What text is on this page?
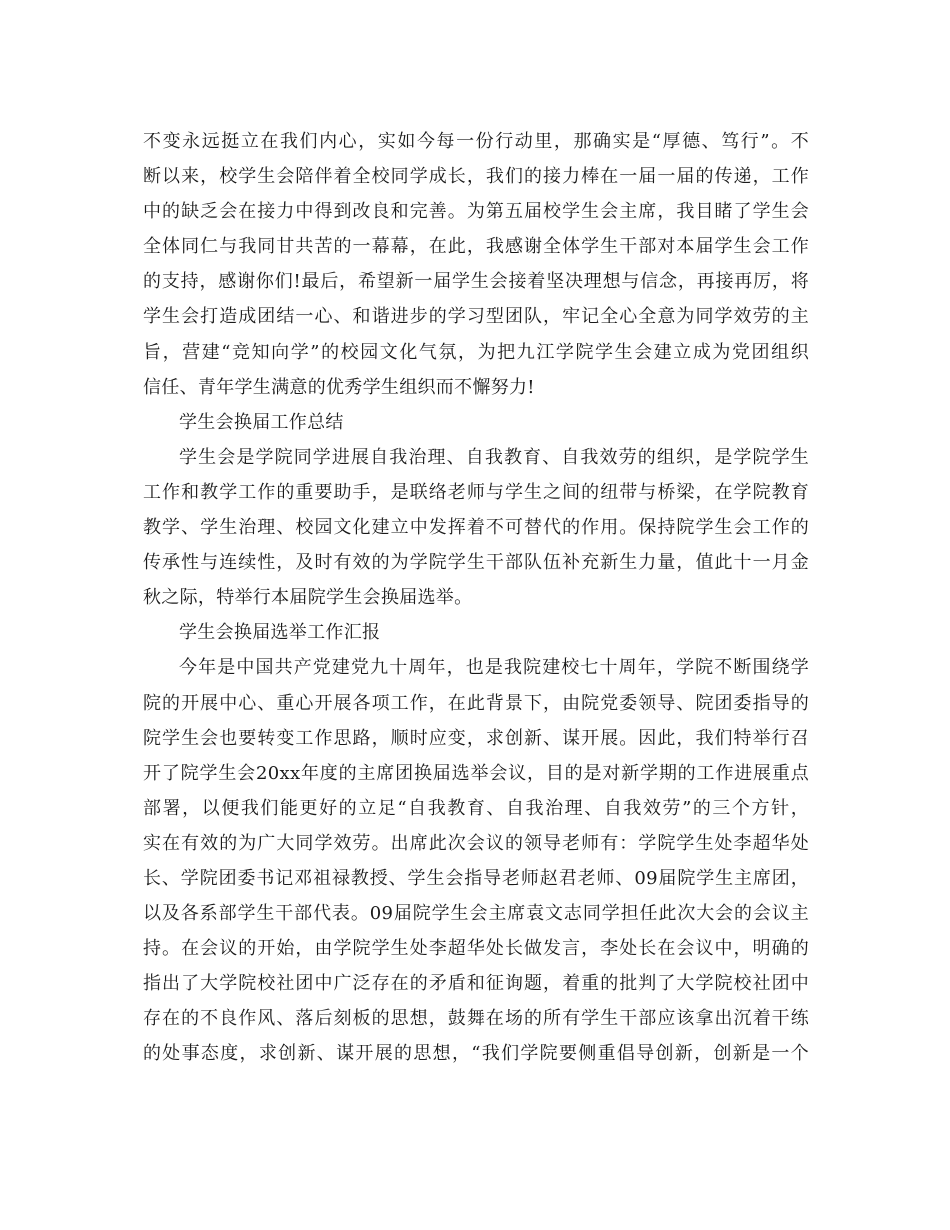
不变永远挺立在我们内心，实如今每一份行动里，那确实是“厚德、笃行”。不
断以来，校学生会陪伴着全校同学成长，我们的接力棒在一届一届的传递，工作
中的缺乏会在接力中得到改良和完善。为第五届校学生会主席，我目睹了学生会
全体同仁与我同甘共苦的一幕幕，在此，我感谢全体学生干部对本届学生会工作
的支持，感谢你们!最后，希望新一届学生会接着坚决理想与信念，再接再厉，将
学生会打造成团结一心、和谐进步的学习型团队，牢记全心全意为同学效劳的主
旨，营建“竞知向学”的校园文化气氛，为把九江学院学生会建立成为党团组织
信任、青年学生满意的优秀学生组织而不懈努力!
学生会换届工作总结
学生会是学院同学进展自我治理、自我教育、自我效劳的组织，是学院学生
工作和教学工作的重要助手，是联络老师与学生之间的纽带与桥梁，在学院教育
教学、学生治理、校园文化建立中发挥着不可替代的作用。保持院学生会工作的
传承性与连续性，及时有效的为学院学生干部队伍补充新生力量，值此十一月金
秋之际，特举行本届院学生会换届选举。
学生会换届选举工作汇报
今年是中国共产党建党九十周年，也是我院建校七十周年，学院不断围绕学
院的开展中心、重心开展各项工作，在此背景下，由院党委领导、院团委指导的
院学生会也要转变工作思路，顺时应变，求创新、谋开展。因此，我们特举行召
开了院学生会20xx年度的主席团换届选举会议，目的是对新学期的工作进展重点
部署，以便我们能更好的立足“自我教育、自我治理、自我效劳”的三个方针，
实在有效的为广大同学效劳。出席此次会议的领导老师有：学院学生处李超华处
长、学院团委书记邓祖禄教授、学生会指导老师赵君老师、09届院学生主席团，
以及各系部学生干部代表。09届院学生会主席袁文志同学担任此次大会的会议主
持。在会议的开始，由学院学生处李超华处长做发言，李处长在会议中，明确的
指出了大学院校社团中广泛存在的矛盾和征询题，着重的批判了大学院校社团中
存在的不良作风、落后刻板的思想，鼓舞在场的所有学生干部应该拿出沉着干练
的处事态度，求创新、谋开展的思想，“我们学院要侧重倡导创新，创新是一个
